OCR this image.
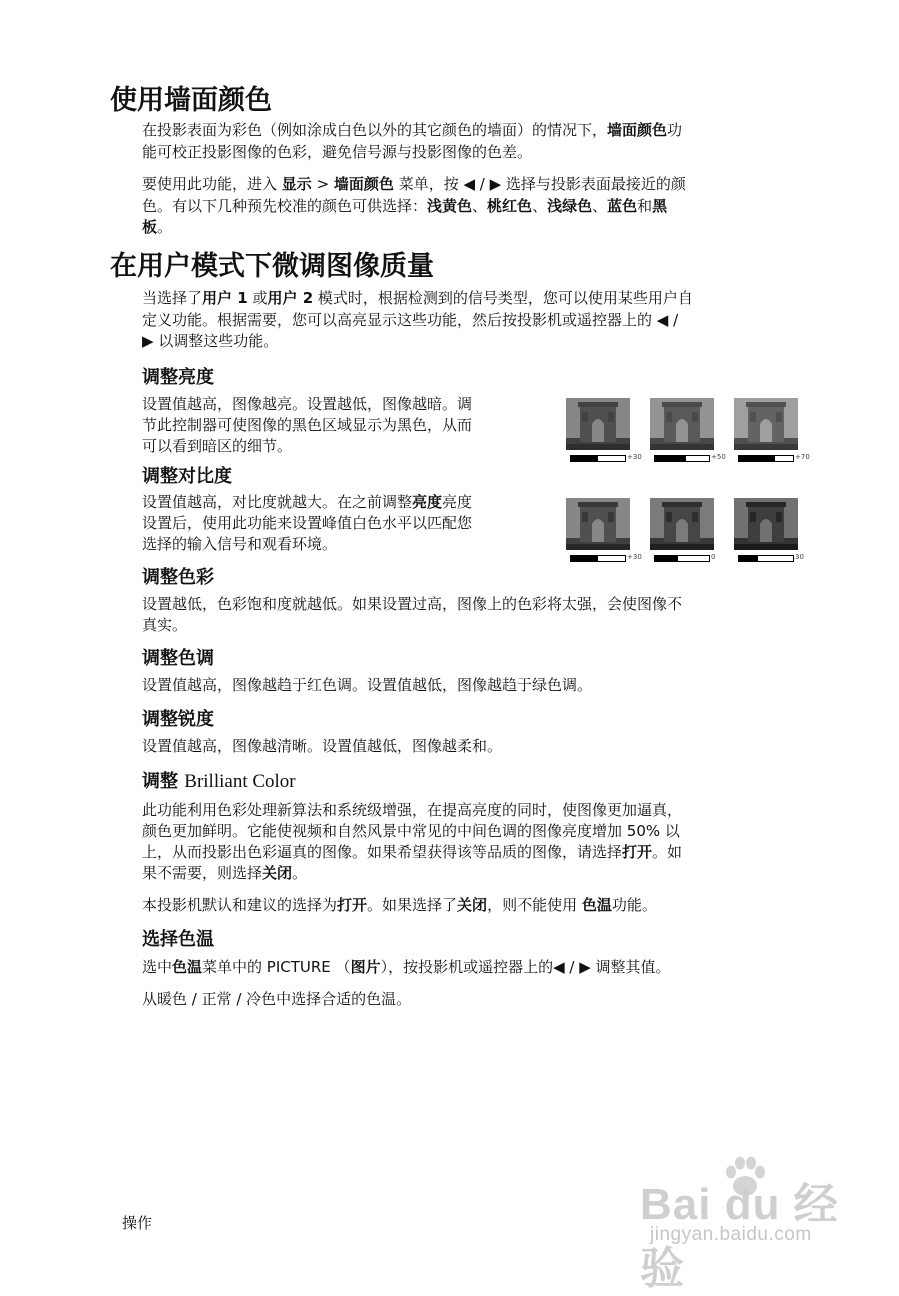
使用墙面颜色
在投影表面为彩色（例如涂成白色以外的其它颜色的墙面）的情况下，墙面颜色功
能可校正投影图像的色彩，避免信号源与投影图像的色差。
要使用此功能，进入 显示 > 墙面颜色 菜单，按 ◀ / ▶ 选择与投影表面最接近的颜
色。有以下几种预先校准的颜色可供选择：浅黄色、桃红色、浅绿色、蓝色和黑
板。
在用户模式下微调图像质量
当选择了用户 1 或用户 2 模式时，根据检测到的信号类型，您可以使用某些用户自
定义功能。根据需要，您可以高亮显示这些功能，然后按投影机或遥控器上的 ◀ /
▶ 以调整这些功能。
调整亮度
设置值越高，图像越亮。设置越低，图像越暗。调
节此控制器可使图像的黑色区域显示为黑色，从而
可以看到暗区的细节。
+30	+50	+70
调整对比度
设置值越高，对比度就越大。在之前调整亮度亮度
设置后，使用此功能来设置峰值白色水平以匹配您
选择的输入信号和观看环境。
+30	0	30
调整色彩
设置越低，色彩饱和度就越低。如果设置过高，图像上的色彩将太强，会使图像不
真实。
调整色调
设置值越高，图像越趋于红色调。设置值越低，图像越趋于绿色调。
调整锐度
设置值越高，图像越清晰。设置值越低，图像越柔和。
调整 Brilliant Color
此功能利用色彩处理新算法和系统级增强，在提高亮度的同时，使图像更加逼真，
颜色更加鲜明。它能使视频和自然风景中常见的中间色调的图像亮度增加 50% 以
上，从而投影出色彩逼真的图像。如果希望获得该等品质的图像，请选择打开。如
果不需要，则选择关闭。
本投影机默认和建议的选择为打开。如果选择了关闭，则不能使用 色温功能。
选择色温
选中色温菜单中的 PICTURE （图片），按投影机或遥控器上的◀ / ▶ 调整其值。
从暖色 / 正常 / 冷色中选择合适的色温。
操作	Bai du 经验
jingyan.baidu.com
